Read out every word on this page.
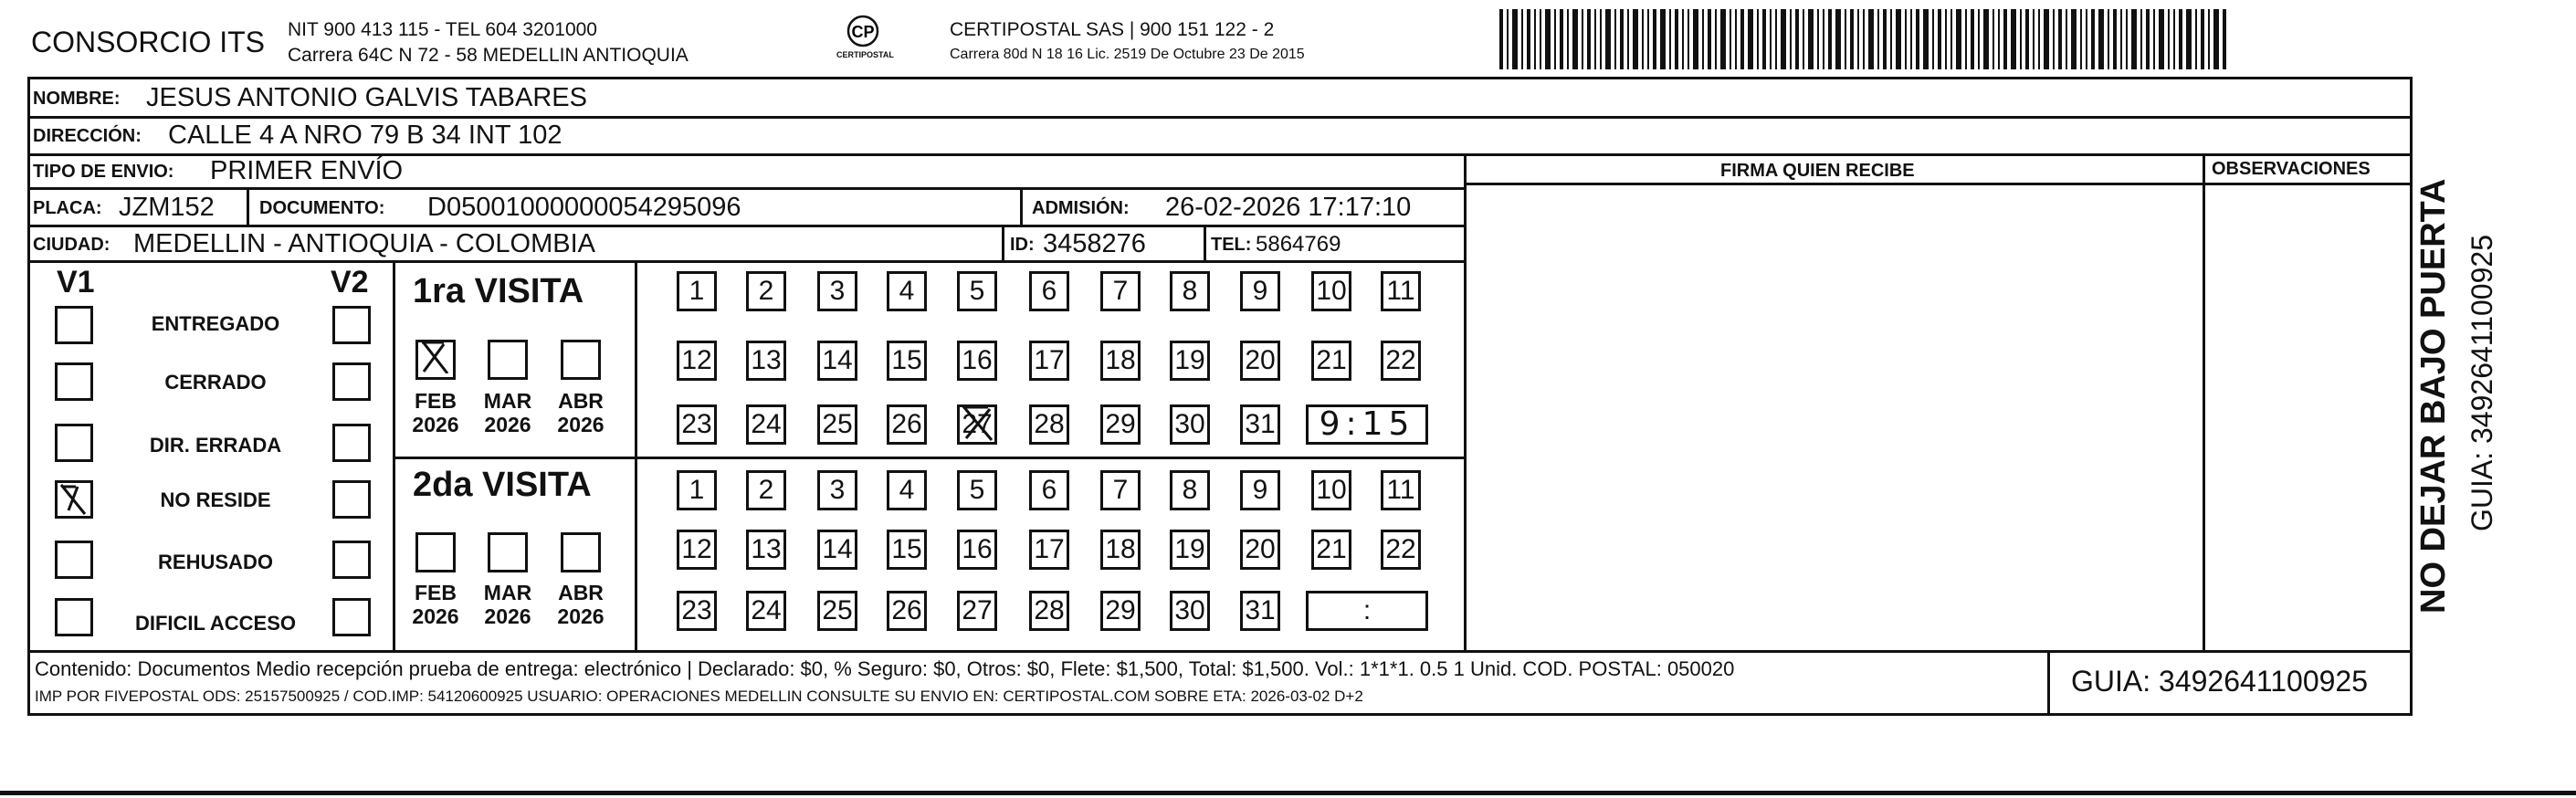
CONSORCIO ITS NIT 900 413 115 - TEL 604 3201000
Carrera 64C N 72 - 58 MEDELLIN ANTIOQUIA
CP
CERTIPOSTAL
CERTIPOSTAL SAS | 900 151 122 - 2
Carrera 80d N 18 16 Lic. 2519 De Octubre 23 De 2015
NOMBRE: JESUS ANTONIO GALVIS TABARES
DIRECCIÓN: CALLE 4 A NRO 79 B 34 INT 102
TIPO DE ENVIO: PRIMER ENVÍO
PLACA: JZM152 DOCUMENTO: D05001000000054295096	ADMISIÓN: 26-02-2026 17:17:10
CIUDAD: MEDELLIN - ANTIOQUIA - COLOMBIA	ID: 3458276	TEL: 5864769
FIRMA QUIEN RECIBE	OBSERVACIONES
V1	V2
ENTREGADO
CERRADO
DIR. ERRADA
NO RESIDE
REHUSADO
DIFICIL ACCESO
1ra VISITA
FEB
2026
MAR
2026
ABR
2026
1	2	3	4	5	6	7	8	9	10 11
12 13 14 15 16 17 18 19 20 21 22
23 24 25 26 27 28 29 30 31	9:15
2da VISITA
FEB
2026
MAR
2026
ABR
2026
1	2	3	4	5	6	7	8	9	10 11
12 13 14 15 16 17 18 19 20 21 22
23 24 25 26 27 28 29 30 31	:
Contenido: Documentos Medio recepción prueba de entrega: electrónico | Declarado: $0, % Seguro: $0, Otros: $0, Flete: $1,500, Total: $1,500. Vol.: 1*1*1. 0.5 1 Unid. COD. POSTAL: 050020
IMP POR FIVEPOSTAL ODS: 25157500925 / COD.IMP: 54120600925 USUARIO: OPERACIONES MEDELLIN CONSULTE SU ENVIO EN: CERTIPOSTAL.COM SOBRE ETA: 2026-03-02 D+2	GUIA: 3492641100925
NO DEJAR BAJO PUERTA GUIA: 3492641100925
